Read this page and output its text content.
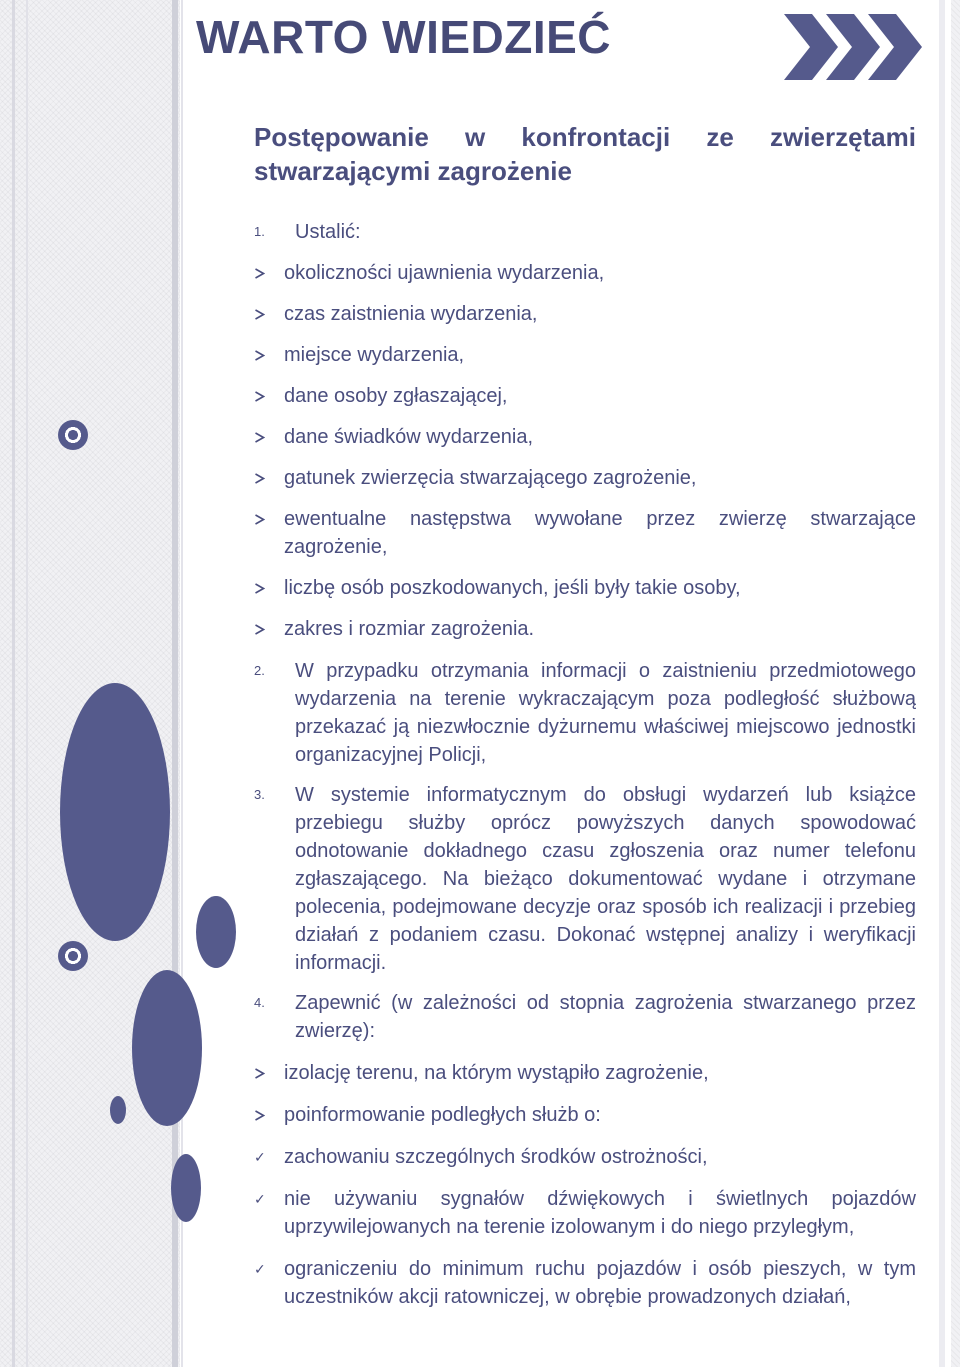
WARTO WIEDZIEĆ
Postępowanie w konfrontacji ze zwierzętami
stwarzającymi zagrożenie
1. Ustalić:
okoliczności ujawnienia wydarzenia,
czas zaistnienia wydarzenia,
miejsce wydarzenia,
dane osoby zgłaszającej,
dane świadków wydarzenia,
gatunek zwierzęcia stwarzającego zagrożenie,
ewentualne następstwa wywołane przez zwierzę stwarzające zagrożenie,
liczbę osób poszkodowanych, jeśli były takie osoby,
zakres i rozmiar zagrożenia.
2. W przypadku otrzymania informacji o zaistnieniu przedmiotowego wydarzenia na terenie wykraczającym poza podległość służbową przekazać ją niezwłocznie dyżurnemu właściwej miejscowo jednostki organizacyjnej Policji,
3. W systemie informatycznym do obsługi wydarzeń lub książce przebiegu służby oprócz powyższych danych spowodować odnotowanie dokładnego czasu zgłoszenia oraz numer telefonu zgłaszającego. Na bieżąco dokumentować wydane i otrzymane polecenia, podejmowane decyzje oraz sposób ich realizacji i przebieg działań z podaniem czasu. Dokonać wstępnej analizy i weryfikacji informacji.
4. Zapewnić (w zależności od stopnia zagrożenia stwarzanego przez zwierzę):
izolację terenu, na którym wystąpiło zagrożenie,
poinformowanie podległych służb o:
✓ zachowaniu szczególnych środków ostrożności,
✓ nie używaniu sygnałów dźwiękowych i świetlnych pojazdów uprzywilejowanych na terenie izolowanym i do niego przyległym,
✓ ograniczeniu do minimum ruchu pojazdów i osób pieszych, w tym uczestników akcji ratowniczej, w obrębie prowadzonych działań,
